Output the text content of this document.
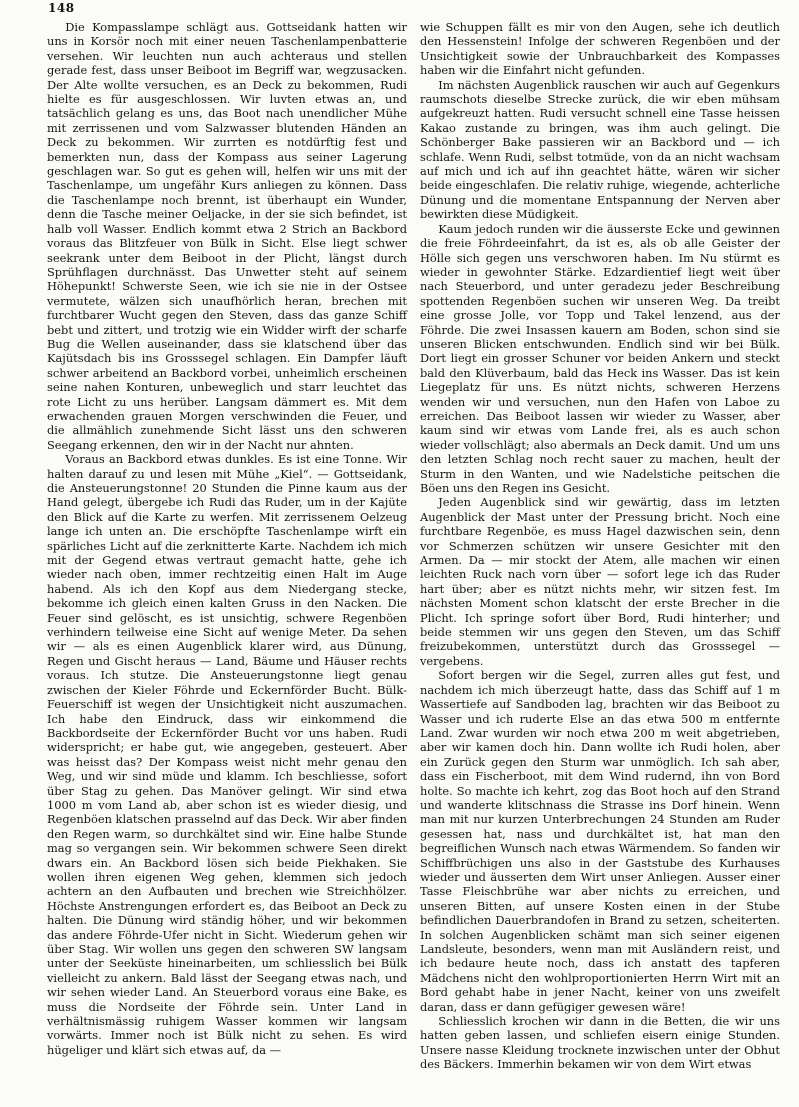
148

Die Kompasslampe schlägt aus. Gottseidank hatten wir uns in Korsör noch mit einer neuen Taschenlampenbatterie versehen. Wir leuchten nun auch achteraus und stellen gerade fest, dass unser Beiboot im Begriff war, wegzusacken. Der Alte wollte versuchen, es an Deck zu bekommen, Rudi hielte es für ausgeschlossen. Wir luvten etwas an, und tatsächlich gelang es uns, das Boot nach unendlicher Mühe mit zerrissenen und vom Salzwasser blutenden Händen an Deck zu bekommen. Wir zurrten es notdürftig fest und bemerkten nun, dass der Kompass aus seiner Lagerung geschlagen war. So gut es gehen will, helfen wir uns mit der Taschenlampe, um ungefähr Kurs anliegen zu können. Dass die Taschenlampe noch brennt, ist überhaupt ein Wunder, denn die Tasche meiner Oeljacke, in der sie sich befindet, ist halb voll Wasser. Endlich kommt etwa 2 Strich an Backbord voraus das Blitzfeuer von Bülk in Sicht. Else liegt schwer seekrank unter dem Beiboot in der Plicht, längst durch Sprühflagen durchnässt. Das Unwetter steht auf seinem Höhepunkt! Schwerste Seen, wie ich sie nie in der Ostsee vermutete, wälzen sich unaufhörlich heran, brechen mit furchtbarer Wucht gegen den Steven, dass das ganze Schiff bebt und zittert, und trotzig wie ein Widder wirft der scharfe Bug die Wellen auseinander, dass sie klatschend über das Kajütsdach bis ins Grosssegel schlagen. Ein Dampfer läuft schwer arbeitend an Backbord vorbei, unheimlich erscheinen seine nahen Konturen, unbeweglich und starr leuchtet das rote Licht zu uns herüber. Langsam dämmert es. Mit dem erwachenden grauen Morgen verschwinden die Feuer, und die allmählich zunehmende Sicht lässt uns den schweren Seegang erkennen, den wir in der Nacht nur ahnten.

Voraus an Backbord etwas dunkles. Es ist eine Tonne. Wir halten darauf zu und lesen mit Mühe „Kiel“. — Gottseidank, die Ansteuerungstonne! 20 Stunden die Pinne kaum aus der Hand gelegt, übergebe ich Rudi das Ruder, um in der Kajüte den Blick auf die Karte zu werfen. Mit zerrissenem Oelzeug lange ich unten an. Die erschöpfte Taschenlampe wirft ein spärliches Licht auf die zerknitterte Karte. Nachdem ich mich mit der Gegend etwas vertraut gemacht hatte, gehe ich wieder nach oben, immer rechtzeitig einen Halt im Auge habend. Als ich den Kopf aus dem Niedergang stecke, bekomme ich gleich einen kalten Gruss in den Nacken. Die Feuer sind gelöscht, es ist unsichtig, schwere Regenböen verhindern teilweise eine Sicht auf wenige Meter. Da sehen wir — als es einen Augenblick klarer wird, aus Dünung, Regen und Gischt heraus — Land, Bäume und Häuser rechts voraus. Ich stutze. Die Ansteuerungstonne liegt genau zwischen der Kieler Föhrde und Eckernförder Bucht. Bülk-Feuerschiff ist wegen der Unsichtigkeit nicht auszumachen. Ich habe den Eindruck, dass wir einkommend die Backbordseite der Eckernförder Bucht vor uns haben. Rudi widerspricht; er habe gut, wie angegeben, gesteuert. Aber was heisst das? Der Kompass weist nicht mehr genau den Weg, und wir sind müde und klamm. Ich beschliesse, sofort über Stag zu gehen. Das Manöver gelingt. Wir sind etwa 1000 m vom Land ab, aber schon ist es wieder diesig, und Regenböen klatschen prasselnd auf das Deck. Wir aber finden den Regen warm, so durchkältet sind wir. Eine halbe Stunde mag so vergangen sein. Wir bekommen schwere Seen direkt dwars ein. An Backbord lösen sich beide Piekhaken. Sie wollen ihren eigenen Weg gehen, klemmen sich jedoch achtern an den Aufbauten und brechen wie Streichhölzer. Höchste Anstrengungen erfordert es, das Beiboot an Deck zu halten. Die Dünung wird ständig höher, und wir bekommen das andere Föhrde-Ufer nicht in Sicht. Wiederum gehen wir über Stag. Wir wollen uns gegen den schweren SW langsam unter der Seeküste hineinarbeiten, um schliesslich bei Bülk vielleicht zu ankern. Bald lässt der Seegang etwas nach, und wir sehen wieder Land. An Steuerbord voraus eine Bake, es muss die Nordseite der Föhrde sein. Unter Land in verhältnismässig ruhigem Wasser kommen wir langsam vorwärts. Immer noch ist Bülk nicht zu sehen. Es wird hügeliger und klärt sich etwas auf, da —

wie Schuppen fällt es mir von den Augen, sehe ich deutlich den Hessenstein! Infolge der schweren Regenböen und der Unsichtigkeit sowie der Unbrauchbarkeit des Kompasses haben wir die Einfahrt nicht gefunden.

Im nächsten Augenblick rauschen wir auch auf Gegenkurs raumschots dieselbe Strecke zurück, die wir eben mühsam aufgekreuzt hatten. Rudi versucht schnell eine Tasse heissen Kakao zustande zu bringen, was ihm auch gelingt. Die Schönberger Bake passieren wir an Backbord und — ich schlafe. Wenn Rudi, selbst totmüde, von da an nicht wachsam auf mich und ich auf ihn geachtet hätte, wären wir sicher beide eingeschlafen. Die relativ ruhige, wiegende, achterliche Dünung und die momentane Entspannung der Nerven aber bewirkten diese Müdigkeit.

Kaum jedoch runden wir die äusserste Ecke und gewinnen die freie Föhrdeeinfahrt, da ist es, als ob alle Geister der Hölle sich gegen uns verschworen haben. Im Nu stürmt es wieder in gewohnter Stärke. Edzardientief liegt weit über nach Steuerbord, und unter geradezu jeder Beschreibung spottenden Regenböen suchen wir unseren Weg. Da treibt eine grosse Jolle, vor Topp und Takel lenzend, aus der Föhrde. Die zwei Insassen kauern am Boden, schon sind sie unseren Blicken entschwunden. Endlich sind wir bei Bülk. Dort liegt ein grosser Schuner vor beiden Ankern und steckt bald den Klüverbaum, bald das Heck ins Wasser. Das ist kein Liegeplatz für uns. Es nützt nichts, schweren Herzens wenden wir und versuchen, nun den Hafen von Laboe zu erreichen. Das Beiboot lassen wir wieder zu Wasser, aber kaum sind wir etwas vom Lande frei, als es auch schon wieder vollschlägt; also abermals an Deck damit. Und um uns den letzten Schlag noch recht sauer zu machen, heult der Sturm in den Wanten, und wie Nadelstiche peitschen die Böen uns den Regen ins Gesicht.

Jeden Augenblick sind wir gewärtig, dass im letzten Augenblick der Mast unter der Pressung bricht. Noch eine furchtbare Regenböe, es muss Hagel dazwischen sein, denn vor Schmerzen schützen wir unsere Gesichter mit den Armen. Da — mir stockt der Atem, alle machen wir einen leichten Ruck nach vorn über — sofort lege ich das Ruder hart über; aber es nützt nichts mehr, wir sitzen fest. Im nächsten Moment schon klatscht der erste Brecher in die Plicht. Ich springe sofort über Bord, Rudi hinterher; und beide stemmen wir uns gegen den Steven, um das Schiff freizubekommen, unterstützt durch das Grosssegel — vergebens.

Sofort bergen wir die Segel, zurren alles gut fest, und nachdem ich mich überzeugt hatte, dass das Schiff auf 1 m Wassertiefe auf Sandboden lag, brachten wir das Beiboot zu Wasser und ich ruderte Else an das etwa 500 m entfernte Land. Zwar wurden wir noch etwa 200 m weit abgetrieben, aber wir kamen doch hin. Dann wollte ich Rudi holen, aber ein Zurück gegen den Sturm war unmöglich. Ich sah aber, dass ein Fischerboot, mit dem Wind rudernd, ihn von Bord holte. So machte ich kehrt, zog das Boot hoch auf den Strand und wanderte klitschnass die Strasse ins Dorf hinein. Wenn man mit nur kurzen Unterbrechungen 24 Stunden am Ruder gesessen hat, nass und durchkältet ist, hat man den begreiflichen Wunsch nach etwas Wärmendem. So fanden wir Schiffbrüchigen uns also in der Gaststube des Kurhauses wieder und äusserten dem Wirt unser Anliegen. Ausser einer Tasse Fleischbrühe war aber nichts zu erreichen, und unseren Bitten, auf unsere Kosten einen in der Stube befindlichen Dauerbrandofen in Brand zu setzen, scheiterten. In solchen Augenblicken schämt man sich seiner eigenen Landsleute, besonders, wenn man mit Ausländern reist, und ich bedaure heute noch, dass ich anstatt des tapferen Mädchens nicht den wohlproportionierten Herrn Wirt mit an Bord gehabt habe in jener Nacht, keiner von uns zweifelt daran, dass er dann gefügiger gewesen wäre!

Schliesslich krochen wir dann in die Betten, die wir uns hatten geben lassen, und schliefen eisern einige Stunden. Unsere nasse Kleidung trocknete inzwischen unter der Obhut des Bäckers. Immerhin bekamen wir von dem Wirt etwas
